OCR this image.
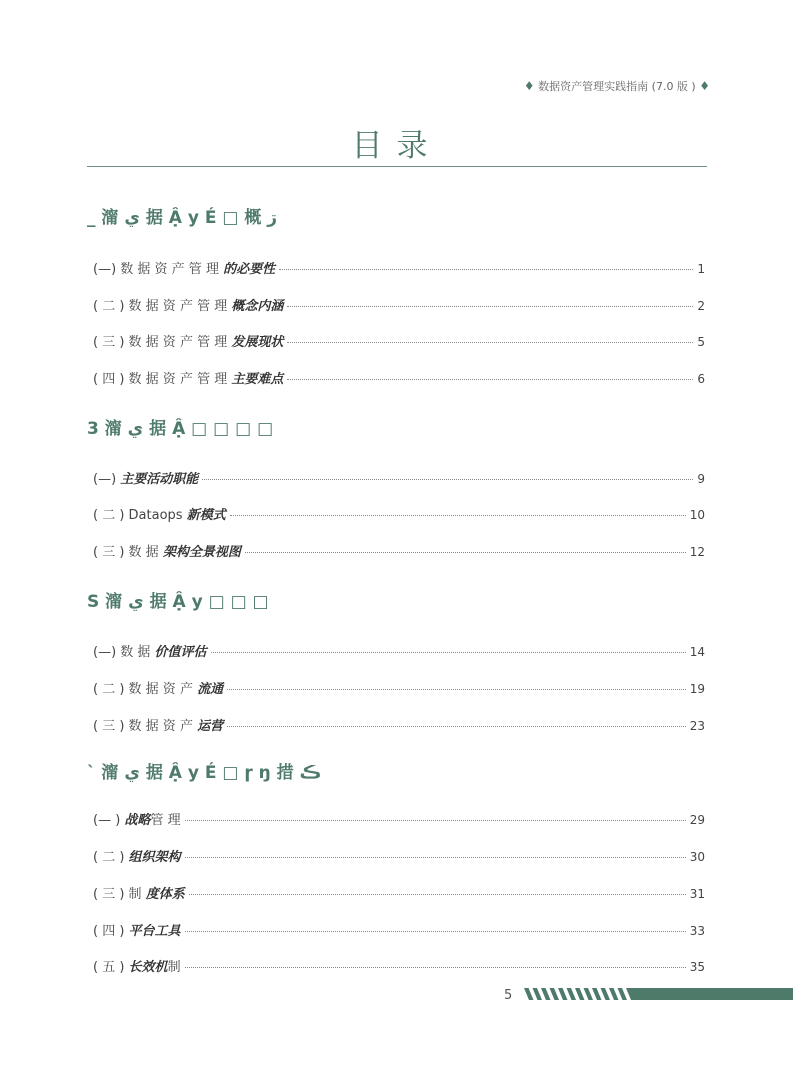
♦ 数据资产管理实践指南 (7.0 版 ) ♦
目录
_ 澝 ي 据 Ậ y É □ 概 ڗ
(—) 数 据 资 产 管 理 的必要性	1
( 二 ) 数 据 资 产 管 理 概念内涵	2
( 三 ) 数 据 资 产 管 理 发展现状	5
( 四 ) 数 据 资 产 管 理 主要难点	6
3 澝 ي 据 Ậ □ □ □ □
(—) 主要活动职能	9
( 二 ) Dataops 新模式	10
( 三 ) 数 据 架构全景视图	12
S 澝 ي 据 Ậ y □ □ □
(—) 数 据 价值评估	14
( 二 ) 数 据 资 产 流通	19
( 三 ) 数 据 资 产 运营	23
` 澝 ي 据 Ậ y É □ ɼ ŋ 措 ڪ
(— ) 战略管 理	29
( 二 ) 组织架构	30
( 三 ) 制 度体系	31
( 四 ) 平台工具	33
( 五 ) 长效机制	35
5
